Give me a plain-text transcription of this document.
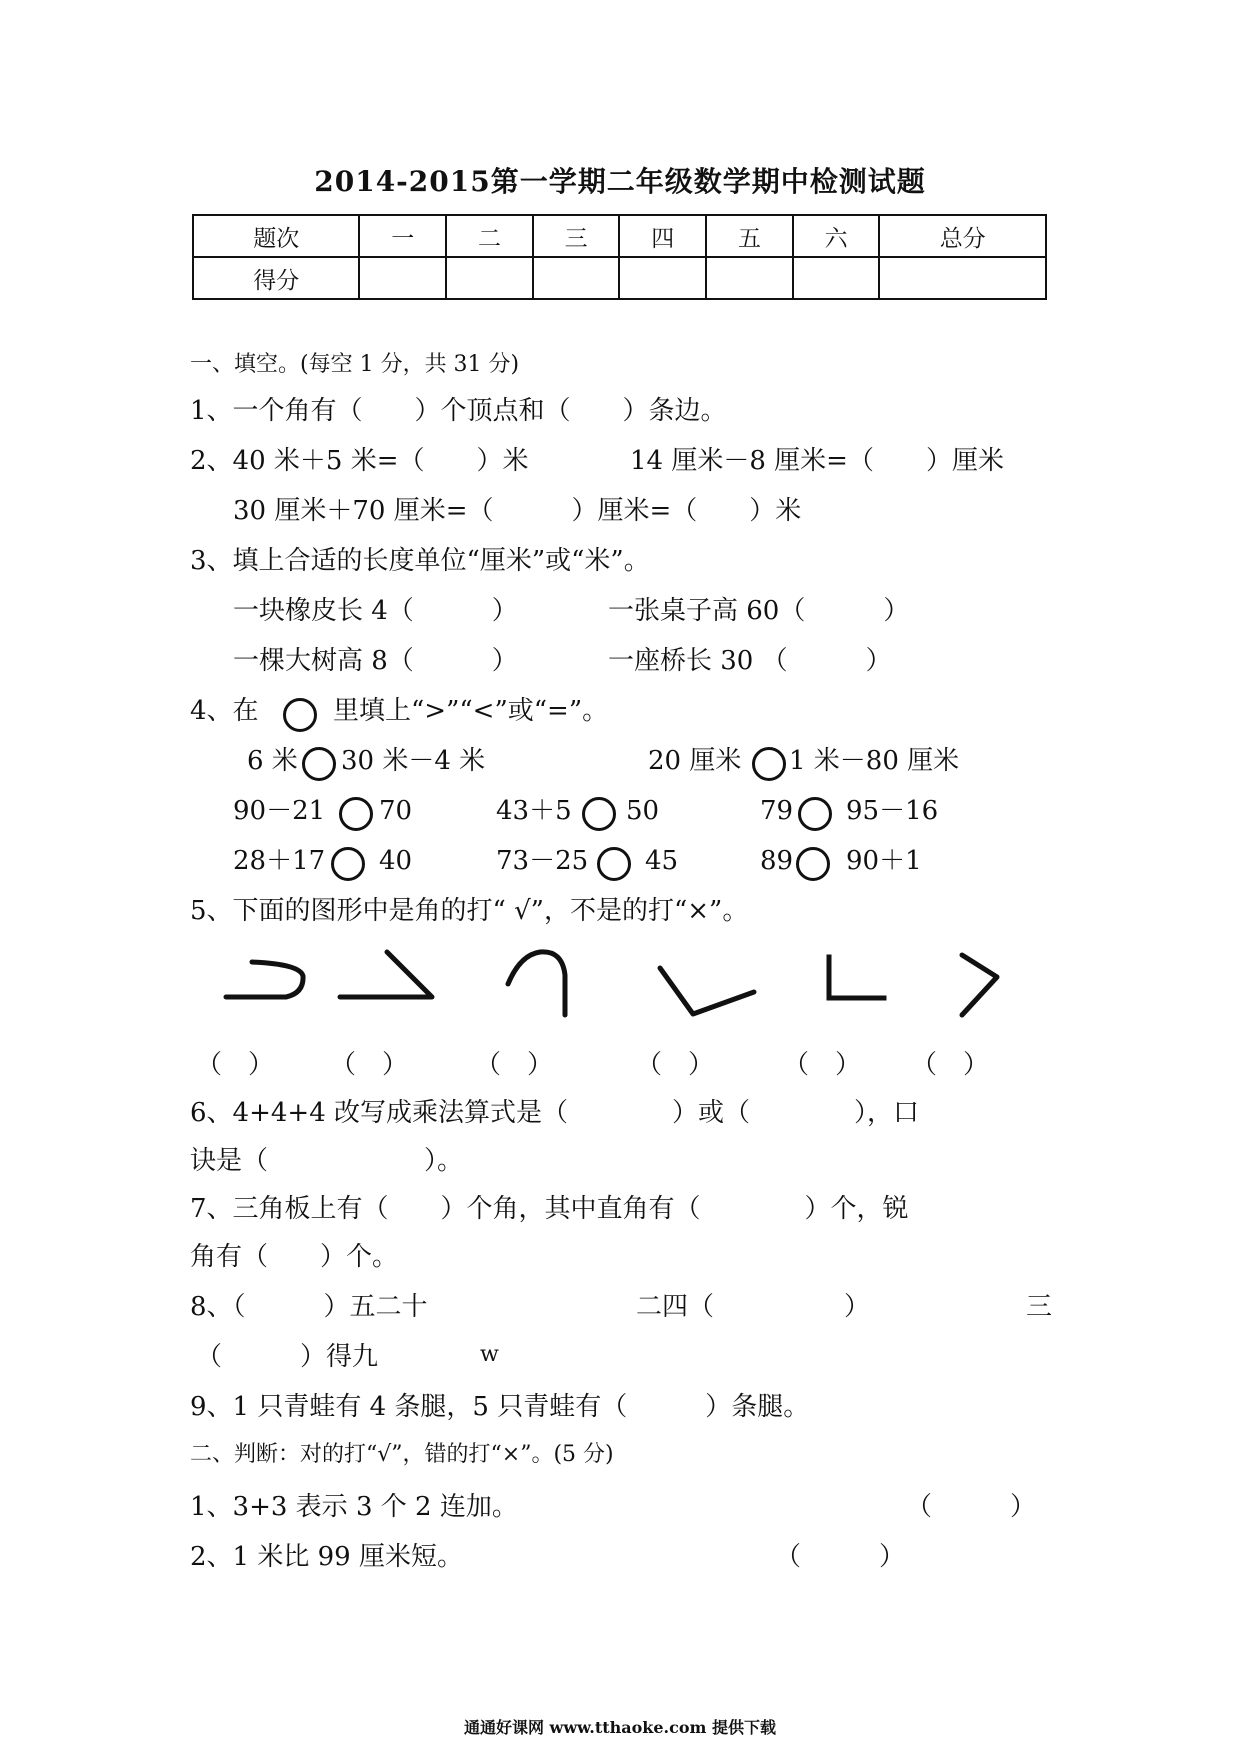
2014-2015第一学期二年级数学期中检测试题
题次	一	二	三	四	五	六	总分
得分							
一、填空。(每空 1 分，共 31 分)
1、一个角有（　　）个顶点和（　　）条边。
2、40 米＋5 米=（　　）米	14 厘米－8 厘米=（　　）厘米
30 厘米＋70 厘米=（　　　）厘米=（　　）米
3、填上合适的长度单位“厘米”或“米”。
一块橡皮长 4（　　　）	一张桌子高 60（　　　）
一棵大树高 8（　　　）	一座桥长 30 （　　　）
4、在	里填上“>”“<”或“=”。
6 米 30 米－4 米	20 厘米 1 米－80 厘米
90－21 70	43＋5 50	79 95－16
28＋17 40	73－25 45	89 90＋1
5、下面的图形中是角的打“ √”，不是的打“×”。
（　） （　）	（　）	（　）	（　） （　）
6、4+4+4 改写成乘法算式是（　　　　）或（　　　　），口
诀是（　　　　　　）。
7、三角板上有（　　）个角，其中直角有（　　　　）个，锐
角有（　　）个。
8、（　　　）五二十	二四（　　　　　）	三
（　　　）得九	w
9、1 只青蛙有 4 条腿，5 只青蛙有（　　　）条腿。
二、判断：对的打“√”，错的打“×”。(5 分)
1、3+3 表示 3 个 2 连加。	（　　　）
2、1 米比 99 厘米短。	（　　　）
通通好课网 www.tthaoke.com 提供下载
